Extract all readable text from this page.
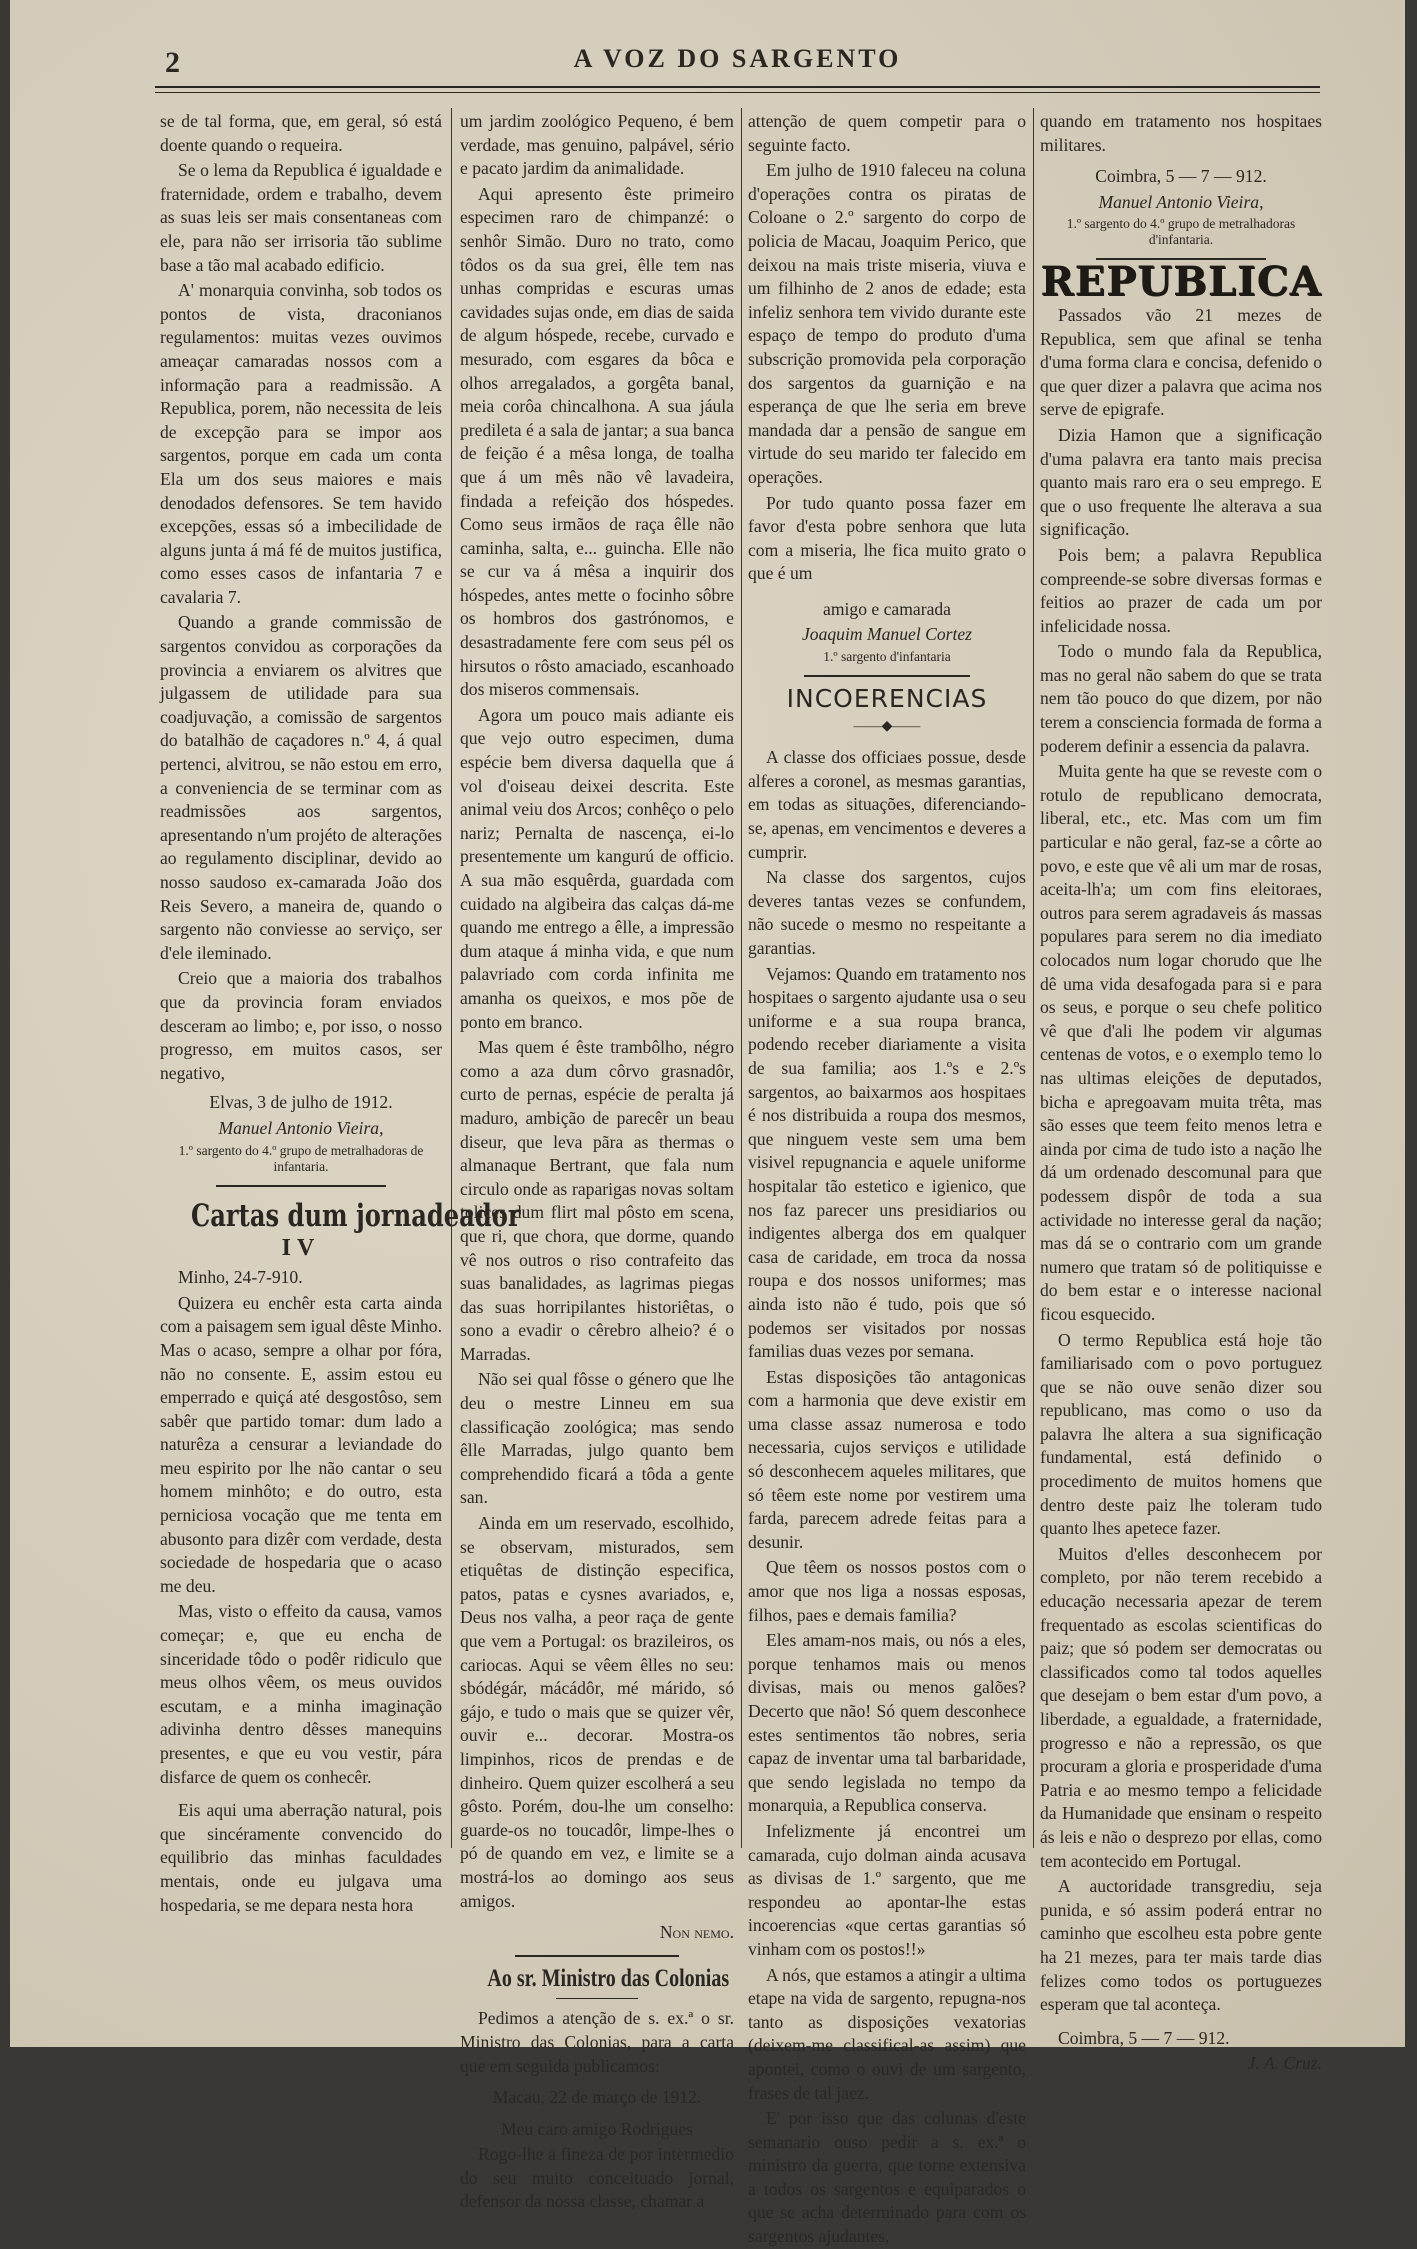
2	A VOZ DO SARGENTO

se de tal forma, que, em geral, só está doente quando o requeira.

Se o lema da Republica é igualdade e fraternidade, ordem e trabalho, devem as suas leis ser mais consentaneas com ele, para não ser irrisoria tão sublime base a tão mal acabado edificio.

A' monarquia convinha, sob todos os pontos de vista, draconianos regulamentos: muitas vezes ouvimos ameaçar camaradas nossos com a informação para a readmissão. A Republica, porem, não necessita de leis de excepção para se impor aos sargentos, porque em cada um conta Ela um dos seus maiores e mais denodados defensores. Se tem havido excepções, essas só a imbecilidade de alguns junta á má fé de muitos justifica, como esses casos de infantaria 7 e cavalaria 7.

Quando a grande commissão de sargentos convidou as corporações da provincia a enviarem os alvitres que julgassem de utilidade para sua coadjuvação, a comissão de sargentos do batalhão de caçadores n.º 4, á qual pertenci, alvitrou, se não estou em erro, a conveniencia de se terminar com as readmissões aos sargentos, apresentando n'um projéto de alterações ao regulamento disciplinar, devido ao nosso saudoso ex-camarada João dos Reis Severo, a maneira de, quando o sargento não conviesse ao serviço, ser d'ele ileminado.

Creio que a maioria dos trabalhos que da provincia foram enviados desceram ao limbo; e, por isso, o nosso progresso, em muitos casos, ser negativo,

Elvas, 3 de julho de 1912.

Manuel Antonio Vieira,

1.º sargento do 4.º grupo de metralhadoras de infantaria.

Cartas dum jornadeador
IV

Minho, 24-7-910.

Quizera eu enchêr esta carta ainda com a paisagem sem igual dêste Minho. Mas o acaso, sempre a olhar por fóra, não no consente. E, assim estou eu emperrado e quiçá até desgostôso, sem sabêr que partido tomar: dum lado a naturêza a censurar a leviandade do meu espirito por lhe não cantar o seu homem minhôto; e do outro, esta perniciosa vocação que me tenta em abusonto para dizêr com verdade, desta sociedade de hospedaria que o acaso me deu.

Mas, visto o effeito da causa, vamos começar; e, que eu encha de sinceridade tôdo o podêr ridiculo que meus olhos vêem, os meus ouvidos escutam, e a minha imaginação adivinha dentro dêsses manequins presentes, e que eu vou vestir, pára disfarce de quem os conhecêr.

Eis aqui uma aberração natural, pois que sincéramente convencido do equilibrio das minhas faculdades mentais, onde eu julgava uma hospedaria, se me depara nesta hora

um jardim zoológico Pequeno, é bem verdade, mas genuino, palpável, sério e pacato jardim da animalidade.

Aqui apresento êste primeiro especimen raro de chimpanzé: o senhôr Simão. Duro no trato, como tôdos os da sua grei, êlle tem nas unhas compridas e escuras umas cavidades sujas onde, em dias de saida de algum hóspede, recebe, curvado e mesurado, com esgares da bôca e olhos arregalados, a gorgêta banal, meia corôa chincalhona. A sua jáula predileta é a sala de jantar; a sua banca de feição é a mêsa longa, de toalha que á um mês não vê lavadeira, findada a refeição dos hóspedes. Como seus irmãos de raça êlle não caminha, salta, e... guincha. Elle não se cur va á mêsa a inquirir dos hóspedes, antes mette o focinho sôbre os hombros dos gastrónomos, e desastradamente fere com seus pél os hirsutos o rôsto amaciado, escanhoado dos miseros commensais.

Agora um pouco mais adiante eis que vejo outro especimen, duma espécie bem diversa daquella que á vol d'oiseau deixei descrita. Este animal veiu dos Arcos; conhêço o pelo nariz; Pernalta de nascença, ei-lo presentemente um kangurú de officio. A sua mão esquêrda, guardada com cuidado na algibeira das calças dá-me quando me entrego a êlle, a impressão dum ataque á minha vida, e que num palavriado com corda infinita me amanha os queixos, e mos põe de ponto em branco.

Mas quem é êste trambôlho, négro como a aza dum côrvo grasnadôr, curto de pernas, espécie de peralta já maduro, ambição de parecêr un beau diseur, que leva pãra as thermas o almanaque Bertrant, que fala num circulo onde as raparigas novas soltam tolices dum flirt mal pôsto em scena, que ri, que chora, que dorme, quando vê nos outros o riso contrafeito das suas banalidades, as lagrimas piegas das suas horripilantes historiêtas, o sono a evadir o cêrebro alheio? é o Marradas.

Não sei qual fôsse o género que lhe deu o mestre Linneu em sua classificação zoológica; mas sendo êlle Marradas, julgo quanto bem comprehendido ficará a tôda a gente san.

Ainda em um reservado, escolhido, se observam, misturados, sem etiquêtas de distinção especifica, patos, patas e cysnes avariados, e, Deus nos valha, a peor raça de gente que vem a Portugal: os brazileiros, os cariocas. Aqui se vêem êlles no seu: sbódégár, mácádôr, mé márido, só gájo, e tudo o mais que se quizer vêr, ouvir e... decorar. Mostra-os limpinhos, ricos de prendas e de dinheiro. Quem quizer escolherá a seu gôsto. Porém, dou-lhe um conselho: guarde-os no toucadôr, limpe-lhes o pó de quando em vez, e limite se a mostrá-los ao domingo aos seus amigos.

Non nemo.

Ao sr. Ministro das Colonias

Pedimos a atenção de s. ex.ª o sr. Ministro das Colonias, para a carta que em seguida publicamos:

Macau, 22 de março de 1912.

Meu caro amigo Rodrigues

Rogo-lhe a fineza de por intermedio do seu muito conceituado jornal, defensor da nossa classe, chamar a

attenção de quem competir para o seguinte facto.

Em julho de 1910 faleceu na coluna d'operações contra os piratas de Coloane o 2.º sargento do corpo de policia de Macau, Joaquim Perico, que deixou na mais triste miseria, viuva e um filhinho de 2 anos de edade; esta infeliz senhora tem vivido durante este espaço de tempo do produto d'uma subscrição promovida pela corporação dos sargentos da guarnição e na esperança de que lhe seria em breve mandada dar a pensão de sangue em virtude do seu marido ter falecido em operações.

Por tudo quanto possa fazer em favor d'esta pobre senhora que luta com a miseria, lhe fica muito grato o que é um

amigo e camarada

Joaquim Manuel Cortez

1.º sargento d'infantaria

INCOERENCIAS
——◆——

A classe dos officiaes possue, desde alferes a coronel, as mesmas garantias, em todas as situações, diferenciando-se, apenas, em vencimentos e deveres a cumprir.

Na classe dos sargentos, cujos deveres tantas vezes se confundem, não sucede o mesmo no respeitante a garantias.

Vejamos: Quando em tratamento nos hospitaes o sargento ajudante usa o seu uniforme e a sua roupa branca, podendo receber diariamente a visita de sua familia; aos 1.ºs e 2.ºs sargentos, ao baixarmos aos hospitaes é nos distribuida a roupa dos mesmos, que ninguem veste sem uma bem visivel repugnancia e aquele uniforme hospitalar tão estetico e igienico, que nos faz parecer uns presidiarios ou indigentes alberga dos em qualquer casa de caridade, em troca da nossa roupa e dos nossos uniformes; mas ainda isto não é tudo, pois que só podemos ser visitados por nossas familias duas vezes por semana.

Estas disposições tão antagonicas com a harmonia que deve existir em uma classe assaz numerosa e todo necessaria, cujos serviços e utilidade só desconhecem aqueles militares, que só têem este nome por vestirem uma farda, parecem adrede feitas para a desunir.

Que têem os nossos postos com o amor que nos liga a nossas esposas, filhos, paes e demais familia?

Eles amam-nos mais, ou nós a eles, porque tenhamos mais ou menos divisas, mais ou menos galões? Decerto que não! Só quem desconhece estes sentimentos tão nobres, seria capaz de inventar uma tal barbaridade, que sendo legislada no tempo da monarquia, a Republica conserva.

Infelizmente já encontrei um camarada, cujo dolman ainda acusava as divisas de 1.º sargento, que me respondeu ao apontar-lhe estas incoerencias «que certas garantias só vinham com os postos!!»

A nós, que estamos a atingir a ultima etape na vida de sargento, repugna-nos tanto as disposições vexatorias (deixem-me classifical-as assim) que apontei, como o ouvi de um sargento, frases de tal jaez.

E' por isso que das colunas d'este semanario ouso pedir a s. ex.ª o ministro da guerra, que torne extensiva a todos os sargentos e equiparados o que se acha determinado para com os sargentos ajudantes,

quando em tratamento nos hospitaes militares.

Coimbra, 5 — 7 — 912.

Manuel Antonio Vieira,

1.º sargento do 4.º grupo de metralhadoras d'infantaria.

REPUBLICA

Passados vão 21 mezes de Republica, sem que afinal se tenha d'uma forma clara e concisa, defenido o que quer dizer a palavra que acima nos serve de epigrafe.

Dizia Hamon que a significação d'uma palavra era tanto mais precisa quanto mais raro era o seu emprego. E que o uso frequente lhe alterava a sua significação.

Pois bem; a palavra Republica compreende-se sobre diversas formas e feitios ao prazer de cada um por infelicidade nossa.

Todo o mundo fala da Republica, mas no geral não sabem do que se trata nem tão pouco do que dizem, por não terem a consciencia formada de forma a poderem definir a essencia da palavra.

Muita gente ha que se reveste com o rotulo de republicano democrata, liberal, etc., etc. Mas com um fim particular e não geral, faz-se a côrte ao povo, e este que vê ali um mar de rosas, aceita-lh'a; um com fins eleitoraes, outros para serem agradaveis ás massas populares para serem no dia imediato colocados num logar chorudo que lhe dê uma vida desafogada para si e para os seus, e porque o seu chefe politico vê que d'ali lhe podem vir algumas centenas de votos, e o exemplo temo lo nas ultimas eleições de deputados, bicha e apregoavam muita trêta, mas são esses que teem feito menos letra e ainda por cima de tudo isto a nação lhe dá um ordenado descomunal para que podessem dispôr de toda a sua actividade no interesse geral da nação; mas dá se o contrario com um grande numero que tratam só de politiquisse e do bem estar e o interesse nacional ficou esquecido.

O termo Republica está hoje tão familiarisado com o povo portuguez que se não ouve senão dizer sou republicano, mas como o uso da palavra lhe altera a sua significação fundamental, está definido o procedimento de muitos homens que dentro deste paiz lhe toleram tudo quanto lhes apetece fazer.

Muitos d'elles desconhecem por completo, por não terem recebido a educação necessaria apezar de terem frequentado as escolas scientificas do paiz; que só podem ser democratas ou classificados como tal todos aquelles que desejam o bem estar d'um povo, a liberdade, a egualdade, a fraternidade, progresso e não a repressão, os que procuram a gloria e prosperidade d'uma Patria e ao mesmo tempo a felicidade da Humanidade que ensinam o respeito ás leis e não o desprezo por ellas, como tem acontecido em Portugal.

A auctoridade transgrediu, seja punida, e só assim poderá entrar no caminho que escolheu esta pobre gente ha 21 mezes, para ter mais tarde dias felizes como todos os portuguezes esperam que tal aconteça.

Coimbra, 5 — 7 — 912.

J. A. Cruz.
